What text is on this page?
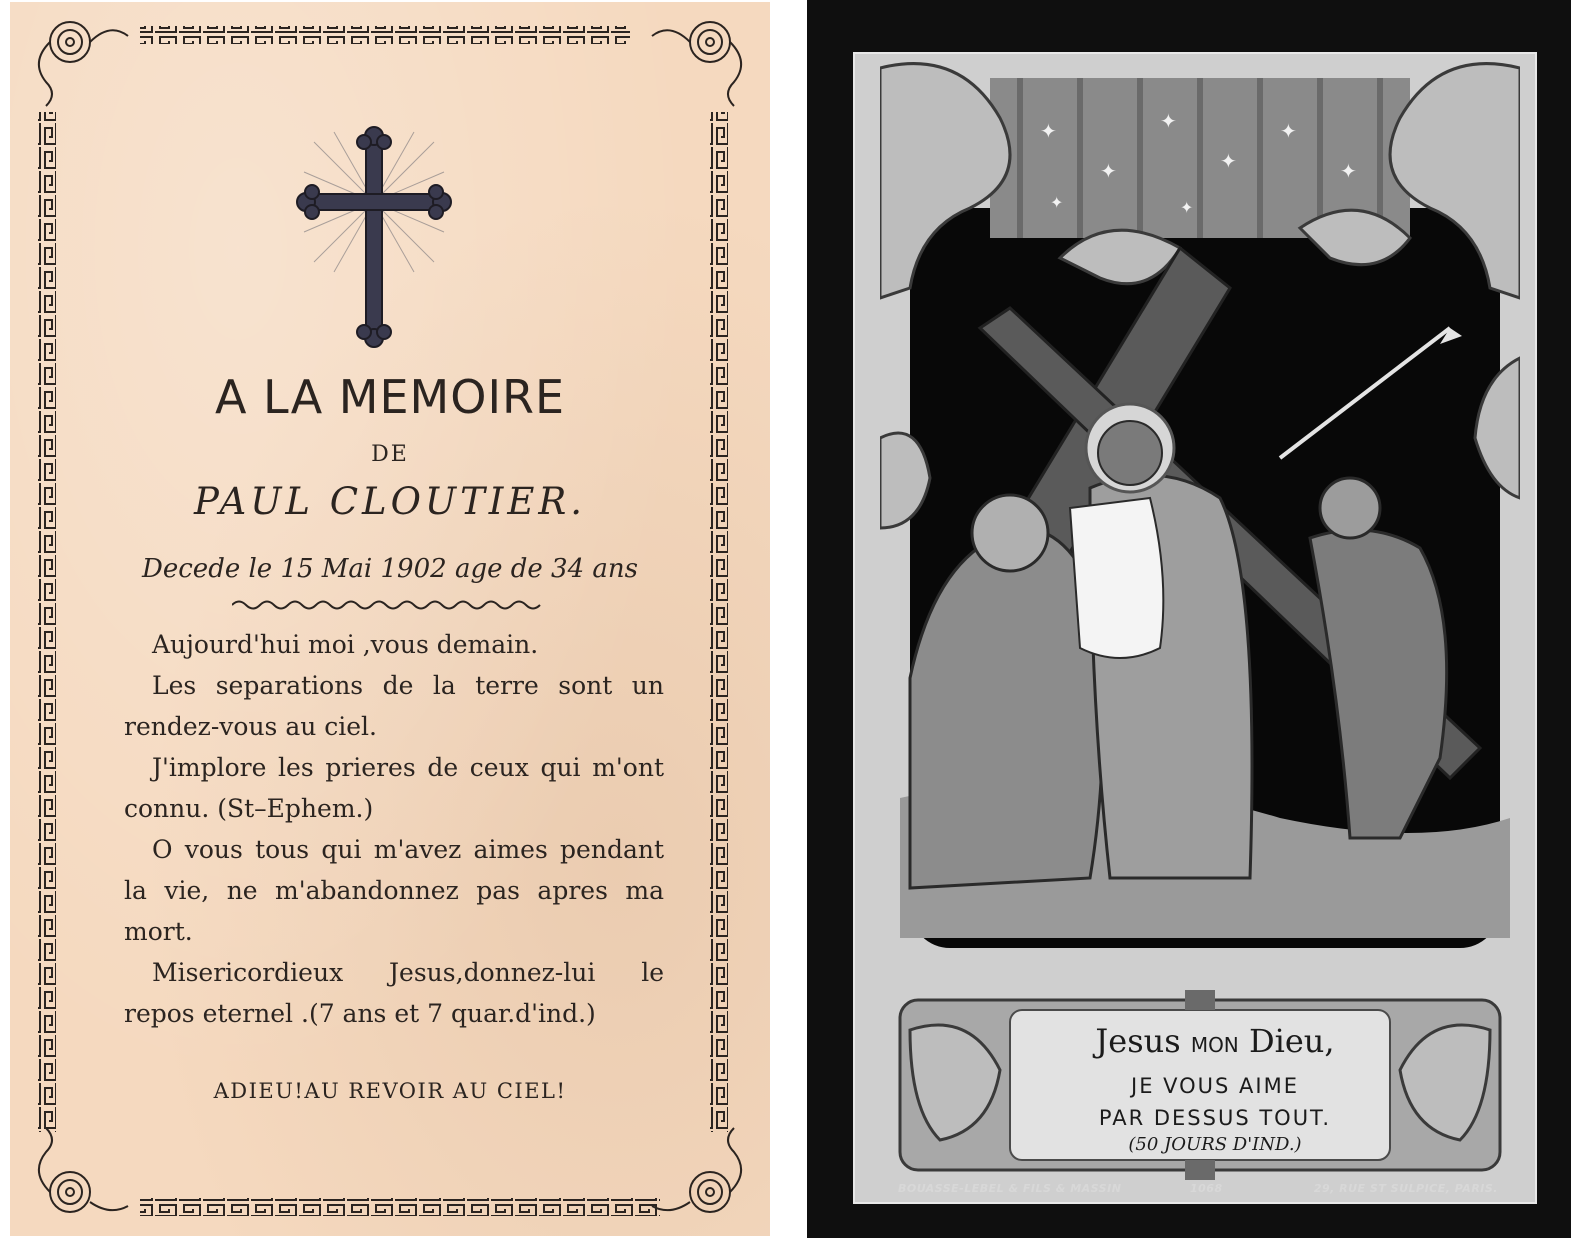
A LA MEMOIRE
DE
PAUL CLOUTIER.
Decede le 15 Mai 1902 age de 34 ans

Aujourd'hui moi ,vous demain.

Les separations de la terre sont un rendez-vous au ciel.

J'implore les prieres de ceux qui m'ont connu. (St–Ephem.)

O vous tous qui m'avez aimes pendant la vie, ne m'abandonnez pas apres ma mort.

Misericordieux Jesus,donnez-lui le repos eternel .(7 ans et 7 quar.d'ind.)

ADIEU!AU REVOIR AU CIEL!
✦
✦
✦
✦
✦
✦
✦	✦
Jesus MON Dieu,
JE VOUS AIME
PAR DESSUS TOUT.
(50 JOURS D'IND.)
BOUASSE-LEBEL & FILS & MASSIN	1068	29, RUE ST SULPICE, PARIS.
